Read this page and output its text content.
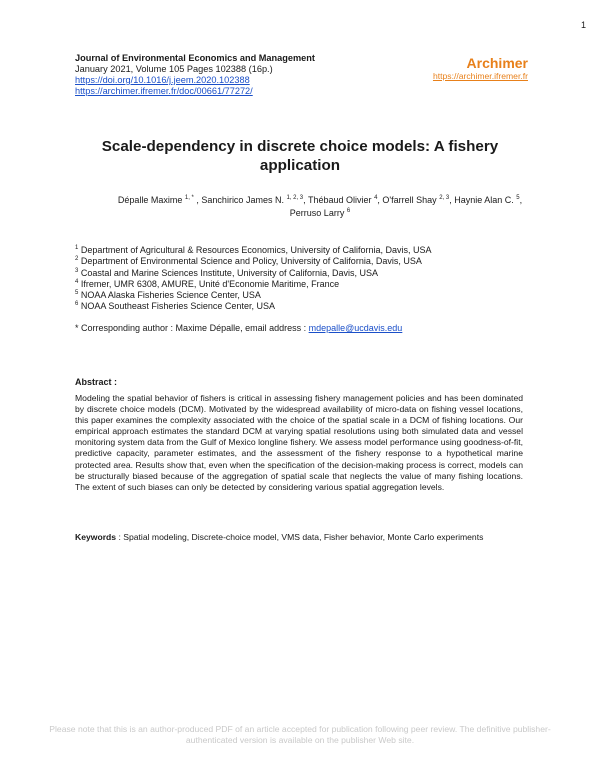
1
Journal of Environmental Economics and Management
January 2021, Volume 105 Pages 102388 (16p.)
https://doi.org/10.1016/j.jeem.2020.102388
https://archimer.ifremer.fr/doc/00661/77272/
Archimer
https://archimer.ifremer.fr
Scale-dependency in discrete choice models: A fishery application
Dépalle Maxime $^{1, *}$ , Sanchirico James N. $^{1, 2, 3}$, Thébaud Olivier $^4$, O'farrell Shay $^{2, 3}$, Haynie Alan C. $^5$,
Perruso Larry $^6$
$^1$ Department of Agricultural & Resources Economics, University of California, Davis, USA
$^2$ Department of Environmental Science and Policy, University of California, Davis, USA
$^3$ Coastal and Marine Sciences Institute, University of California, Davis, USA
$^4$ Ifremer, UMR 6308, AMURE, Unité d'Economie Maritime, France
$^5$ NOAA Alaska Fisheries Science Center, USA
$^6$ NOAA Southeast Fisheries Science Center, USA
* Corresponding author : Maxime Dépalle, email address : mdepalle@ucdavis.edu
Abstract :
Modeling the spatial behavior of fishers is critical in assessing fishery management policies and has been dominated by discrete choice models (DCM). Motivated by the widespread availability of micro-data on fishing vessel locations, this paper examines the complexity associated with the choice of the spatial scale in a DCM of fishing locations. Our empirical approach estimates the standard DCM at varying spatial resolutions using both simulated data and vessel monitoring system data from the Gulf of Mexico longline fishery. We assess model performance using goodness-of-fit, predictive capacity, parameter estimates, and the assessment of the fishery response to a hypothetical marine protected area. Results show that, even when the specification of the decision-making process is correct, models can be structurally biased because of the aggregation of spatial scale that neglects the value of many fishing locations. The extent of such biases can only be detected by considering various spatial aggregation levels.
Keywords : Spatial modeling, Discrete-choice model, VMS data, Fisher behavior, Monte Carlo experiments
Please note that this is an author-produced PDF of an article accepted for publication following peer review. The definitive publisher-authenticated version is available on the publisher Web site.
